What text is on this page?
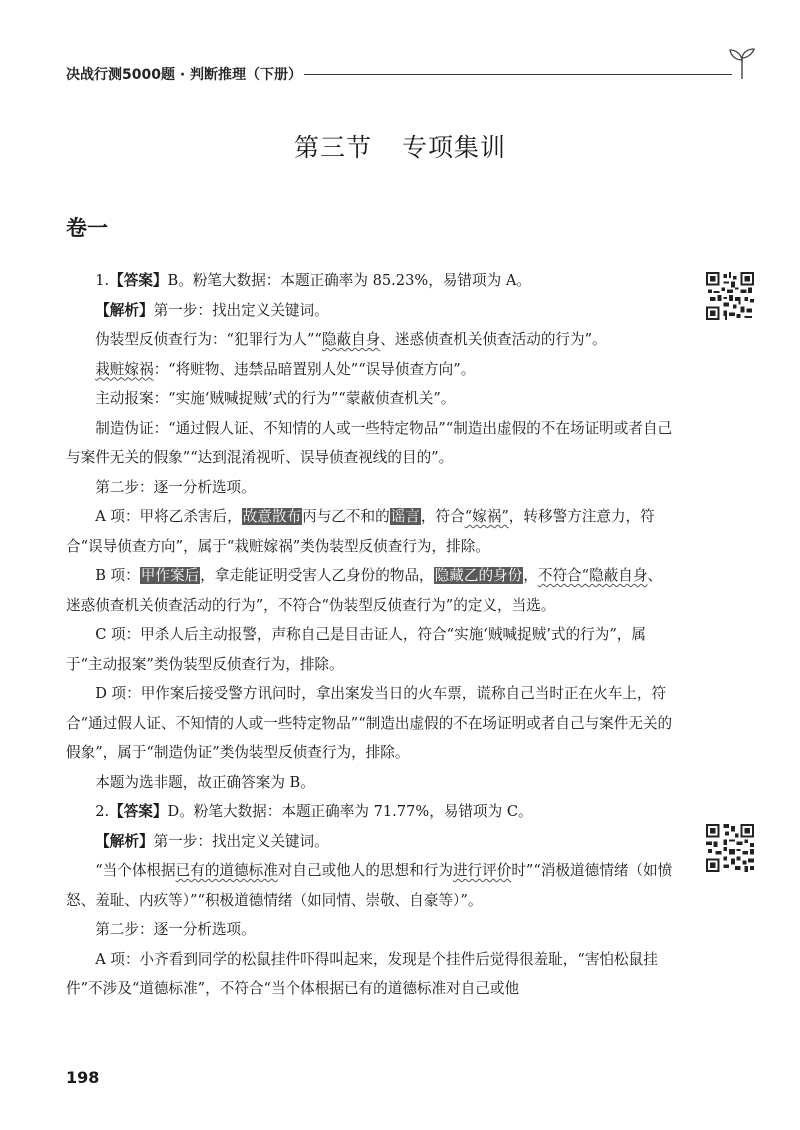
决战行测5000题 · 判断推理（下册）
第三节 专项集训
卷一

1.【答案】B。粉笔大数据：本题正确率为 85.23%，易错项为 A。

【解析】第一步：找出定义关键词。

伪装型反侦查行为：“犯罪行为人”“隐蔽自身、迷惑侦查机关侦查活动的行为”。

栽赃嫁祸：“将赃物、违禁品暗置别人处”“误导侦查方向”。

主动报案：“实施‘贼喊捉贼’式的行为”“蒙蔽侦查机关”。

制造伪证：“通过假人证、不知情的人或一些特定物品”“制造出虚假的不在场证明或者自己与案件无关的假象”“达到混淆视听、误导侦查视线的目的”。

第二步：逐一分析选项。

A 项：甲将乙杀害后，故意散布丙与乙不和的谣言，符合“嫁祸”，转移警方注意力，符合“误导侦查方向”，属于“栽赃嫁祸”类伪装型反侦查行为，排除。

B 项：甲作案后，拿走能证明受害人乙身份的物品，隐藏乙的身份，不符合“隐蔽自身、迷惑侦查机关侦查活动的行为”，不符合“伪装型反侦查行为”的定义，当选。

C 项：甲杀人后主动报警，声称自己是目击证人，符合“实施‘贼喊捉贼’式的行为”，属于“主动报案”类伪装型反侦查行为，排除。

D 项：甲作案后接受警方讯问时，拿出案发当日的火车票，谎称自己当时正在火车上，符合“通过假人证、不知情的人或一些特定物品”“制造出虚假的不在场证明或者自己与案件无关的假象”，属于“制造伪证”类伪装型反侦查行为，排除。

本题为选非题，故正确答案为 B。

2.【答案】D。粉笔大数据：本题正确率为 71.77%，易错项为 C。

【解析】第一步：找出定义关键词。

“当个体根据已有的道德标准对自己或他人的思想和行为进行评价时”“消极道德情绪（如愤怒、羞耻、内疚等）”“积极道德情绪（如同情、崇敬、自豪等）”。

第二步：逐一分析选项。

A 项：小齐看到同学的松鼠挂件吓得叫起来，发现是个挂件后觉得很羞耻，“害怕松鼠挂件”不涉及“道德标准”，不符合“当个体根据已有的道德标准对自己或他

198
